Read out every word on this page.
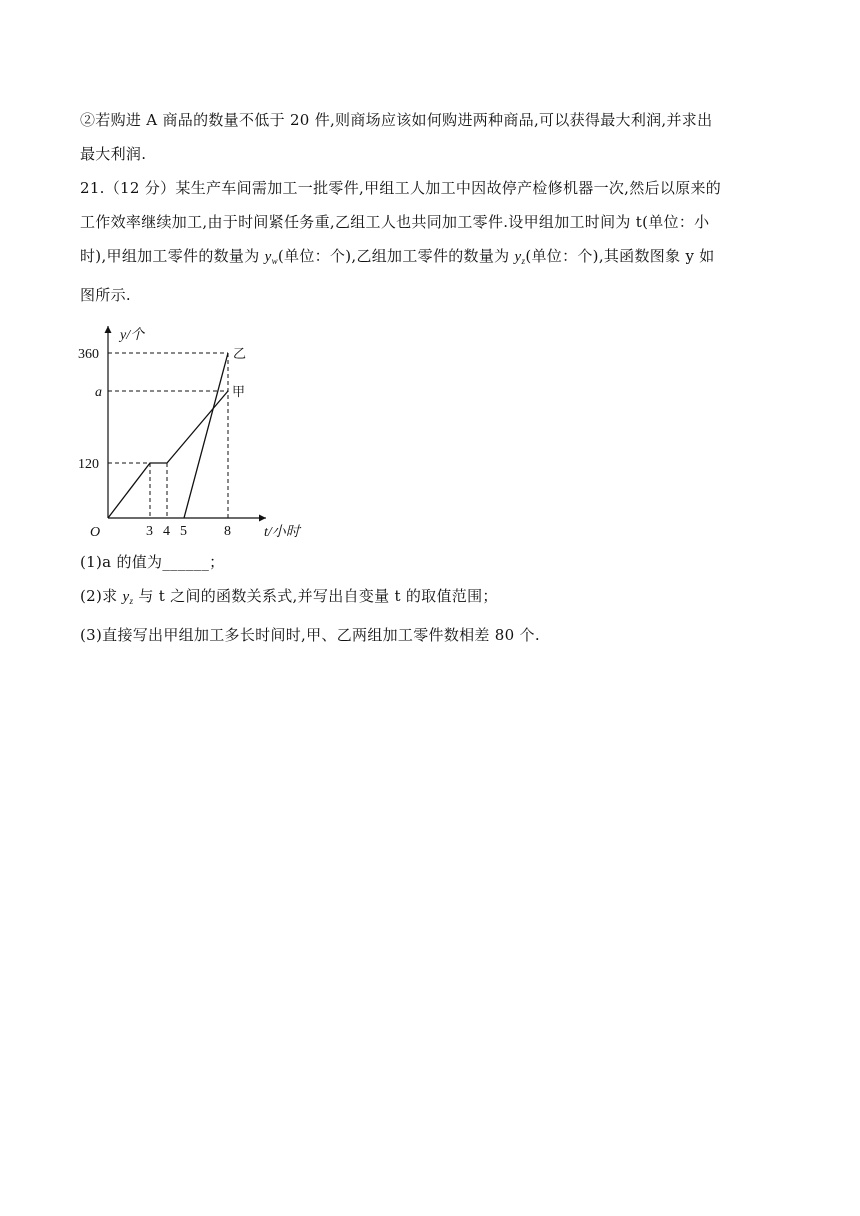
②若购进 A 商品的数量不低于 20 件,则商场应该如何购进两种商品,可以获得最大利润,并求出
最大利润.
21.（12 分）某生产车间需加工一批零件,甲组工人加工中因故停产检修机器一次,然后以原来的
工作效率继续加工,由于时间紧任务重,乙组工人也共同加工零件.设甲组加工时间为 t(单位：小
时),甲组加工零件的数量为 $y_w$(单位：个),乙组加工零件的数量为 $y_z$(单位：个),其函数图象 y 如
图所示.
y/个
t/小时
O
360
a
120
3 4 5	8
乙
甲
(1)a 的值为______；
(2)求 $y_z$ 与 t 之间的函数关系式,并写出自变量 t 的取值范围；
(3)直接写出甲组加工多长时间时,甲、乙两组加工零件数相差 80 个.
